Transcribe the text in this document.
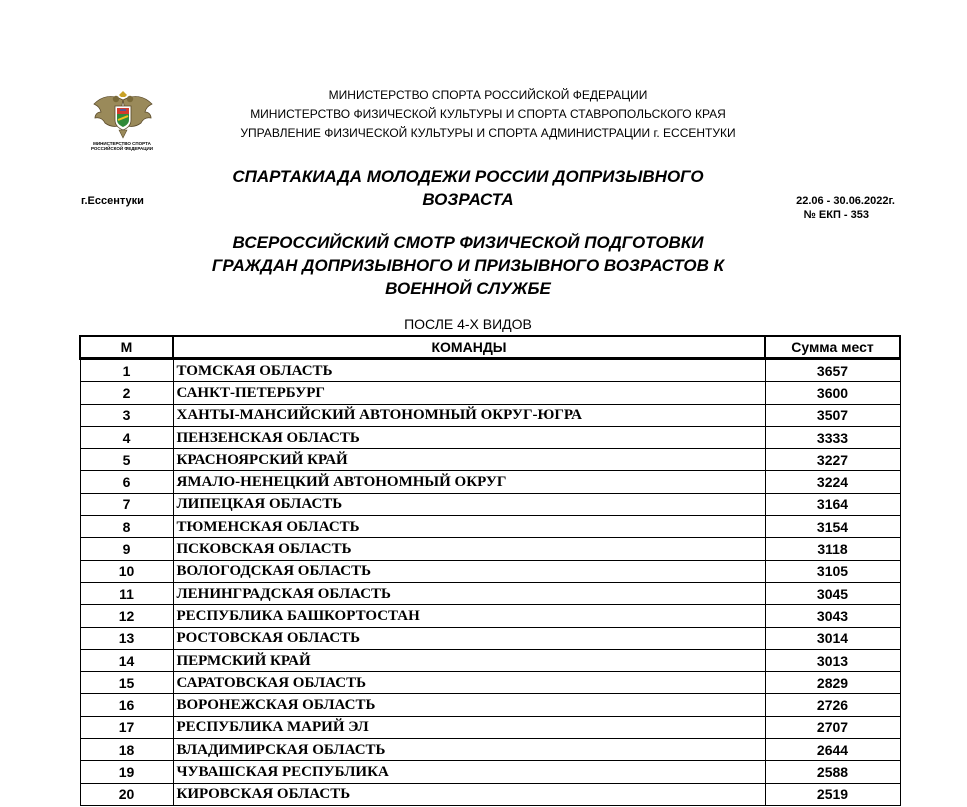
МИНИСТЕРСТВО СПОРТА
РОССИЙСКОЙ ФЕДЕРАЦИИ
МИНИСТЕРСТВО СПОРТА РОССИЙСКОЙ ФЕДЕРАЦИИ
МИНИСТЕРСТВО ФИЗИЧЕСКОЙ КУЛЬТУРЫ И СПОРТА СТАВРОПОЛЬСКОГО КРАЯ
УПРАВЛЕНИЕ ФИЗИЧЕСКОЙ КУЛЬТУРЫ И СПОРТА АДМИНИСТРАЦИИ г. ЕССЕНТУКИ
г.Ессентуки	22.06 - 30.06.2022г.
№ ЕКП - 353
СПАРТАКИАДА МОЛОДЕЖИ РОССИИ ДОПРИЗЫВНОГО
ВОЗРАСТА
ВСЕРОССИЙСКИЙ СМОТР ФИЗИЧЕСКОЙ ПОДГОТОВКИ
ГРАЖДАН ДОПРИЗЫВНОГО И ПРИЗЫВНОГО ВОЗРАСТОВ К
ВОЕННОЙ СЛУЖБЕ
ПОСЛЕ 4-Х ВИДОВ
М	КОМАНДЫ	Сумма мест
1	ТОМСКАЯ ОБЛАСТЬ	3657
2	САНКТ-ПЕТЕРБУРГ	3600
3	ХАНТЫ-МАНСИЙСКИЙ АВТОНОМНЫЙ ОКРУГ-ЮГРА	3507
4	ПЕНЗЕНСКАЯ ОБЛАСТЬ	3333
5	КРАСНОЯРСКИЙ КРАЙ	3227
6	ЯМАЛО-НЕНЕЦКИЙ АВТОНОМНЫЙ ОКРУГ	3224
7	ЛИПЕЦКАЯ ОБЛАСТЬ	3164
8	ТЮМЕНСКАЯ ОБЛАСТЬ	3154
9	ПСКОВСКАЯ ОБЛАСТЬ	3118
10	ВОЛОГОДСКАЯ ОБЛАСТЬ	3105
11	ЛЕНИНГРАДСКАЯ ОБЛАСТЬ	3045
12	РЕСПУБЛИКА БАШКОРТОСТАН	3043
13	РОСТОВСКАЯ ОБЛАСТЬ	3014
14	ПЕРМСКИЙ КРАЙ	3013
15	САРАТОВСКАЯ ОБЛАСТЬ	2829
16	ВОРОНЕЖСКАЯ ОБЛАСТЬ	2726
17	РЕСПУБЛИКА МАРИЙ ЭЛ	2707
18	ВЛАДИМИРСКАЯ ОБЛАСТЬ	2644
19	ЧУВАШСКАЯ РЕСПУБЛИКА	2588
20	КИРОВСКАЯ ОБЛАСТЬ	2519
